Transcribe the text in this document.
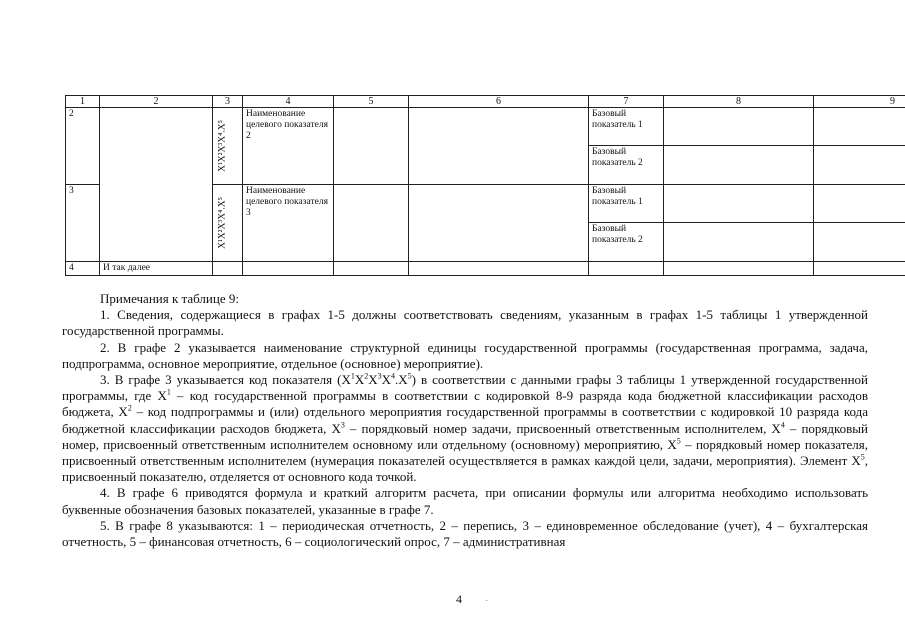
1	2	3	4	5	6	7	8	9
2		X¹X²X³X⁴.X⁵	Наименование целевого показателя 2			Базовый показатель 1		
						Базовый показатель 2		
3		X¹X²X³X⁴.X⁵	Наименование целевого показателя 3			Базовый показатель 1		
						Базовый показатель 2		
4	И так далее							

Примечания к таблице 9:

1. Сведения, содержащиеся в графах 1-5 должны соответствовать сведениям, указанным в графах 1-5 таблицы 1 утвержденной государственной программы.

2. В графе 2 указывается наименование структурной единицы государственной программы (государственная программа, задача, подпрограмма, основное мероприятие, отдельное (основное) мероприятие).

3. В графе 3 указывается код показателя $(X^1X^2X^3X^4.X^5)$ в соответствии с данными графы 3 таблицы 1 утвержденной государственной программы, где $X^1$ – код государственной программы в соответствии с кодировкой 8-9 разряда кода бюджетной классификации расходов бюджета, $X^2$ – код подпрограммы и (или) отдельного мероприятия государственной программы в соответствии с кодировкой 10 разряда кода бюджетной классификации расходов бюджета, $X^3$ – порядковый номер задачи, присвоенный ответственным исполнителем, $X^4$ – порядковый номер, присвоенный ответственным исполнителем основному или отдельному (основному) мероприятию, $X^5$ – порядковый номер показателя, присвоенный ответственным исполнителем (нумерация показателей осуществляется в рамках каждой цели, задачи, мероприятия). Элемент $X^5$, присвоенный показателю, отделяется от основного кода точкой.

4. В графе 6 приводятся формула и краткий алгоритм расчета, при описании формулы или алгоритма необходимо использовать буквенные обозначения базовых показателей, указанные в графе 7.

5. В графе 8 указываются: 1 – периодическая отчетность, 2 – перепись, 3 – единовременное обследование (учет), 4 – бухгалтерская отчетность, 5 – финансовая отчетность, 6 – социологический опрос, 7 – административная

4 ·
